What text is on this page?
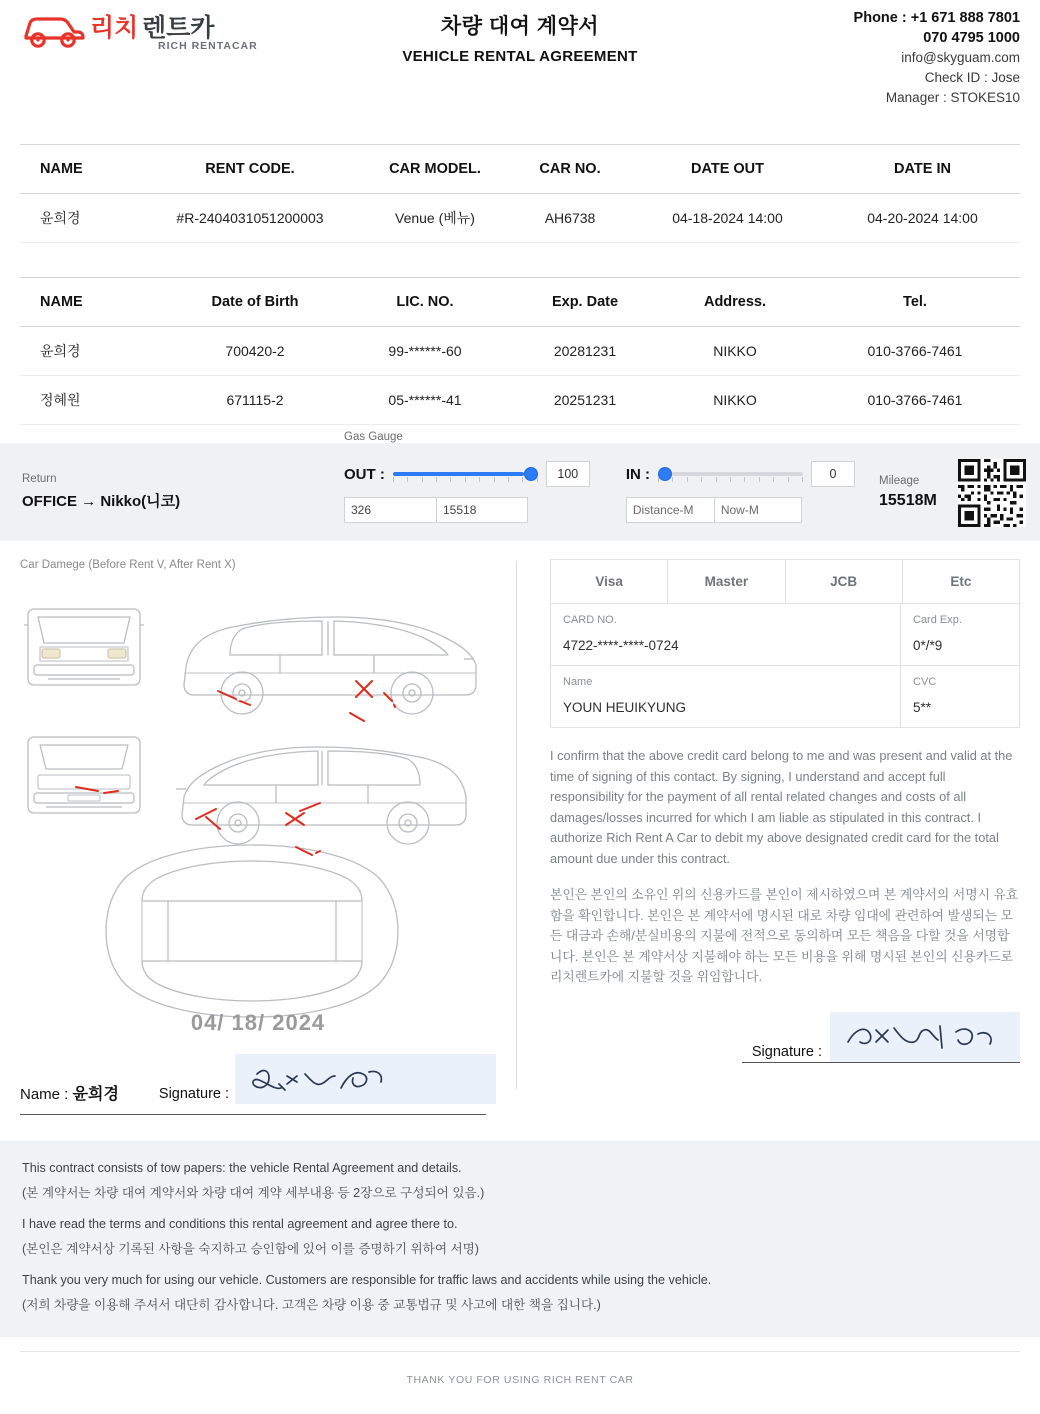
리치 렌트카
RICH RENTACAR
차량 대여 계약서
VEHICLE RENTAL AGREEMENT
Phone : +1 671 888 7801
070 4795 1000
info@skyguam.com
Check ID : Jose
Manager : STOKES10
NAME	RENT CODE.	CAR MODEL.	CAR NO.	DATE OUT	DATE IN
윤희경	#R-2404031051200003	Venue (베뉴)	AH6738	04-18-2024 14:00	04-20-2024 14:00
NAME	Date of Birth	LIC. NO.	Exp. Date	Address.	Tel.
윤희경	700420-2	99-******-60	20281231	NIKKO	010-3766-7461
정혜원	671115-2	05-******-41	20251231	NIKKO	010-3766-7461
Return
OFFICE → Nikko(니코)
Gas Gauge
OUT :	100
326	15518
IN :	0
Distance-M	Now-M
Mileage
15518M
Car Damege (Before Rent V, After Rent X)
04/ 18/ 2024
Name : 윤희경	Signature :
Visa	Master	JCB	Etc
CARD NO.
4722-****-****-0724
Card Exp.
0*/*9
Name
YOUN HEUIKYUNG
CVC
5**
I confirm that the above credit card belong to me and was present and valid at the time of signing of this contact. By signing, I understand and accept full responsibility for the payment of all rental related changes and costs of all damages/losses incurred for which I am liable as stipulated in this contract. I authorize Rich Rent A Car to debit my above designated credit card for the total amount due under this contract.
본인은 본인의 소유인 위의 신용카드를 본인이 제시하였으며 본 계약서의 서명시 유효함을 확인합니다. 본인은 본 계약서에 명시된 대로 차량 임대에 관련하여 발생되는 모든 대금과 손해/분실비용의 지불에 전적으로 동의하며 모든 책음을 다할 것을 서명합니다. 본인은 본 계약서상 지불해야 하는 모든 비용을 위해 명시된 본인의 신용카드로 리치렌트카에 지불할 것을 위임합니다.
Signature :

This contract consists of tow papers: the vehicle Rental Agreement and details.

(본 계약서는 차량 대여 계약서와 차량 대여 계약 세부내용 등 2장으로 구성되어 있음.)

I have read the terms and conditions this rental agreement and agree there to.

(본인은 계약서상 기록된 사항을 숙지하고 승인함에 있어 이를 증명하기 위하여 서명)

Thank you very much for using our vehicle. Customers are responsible for traffic laws and accidents while using the vehicle.

(저희 차량을 이용해 주셔서 대단히 감사합니다. 고객은 차량 이용 중 교통법규 및 사고에 대한 책을 집니다.)

THANK YOU FOR USING RICH RENT CAR
